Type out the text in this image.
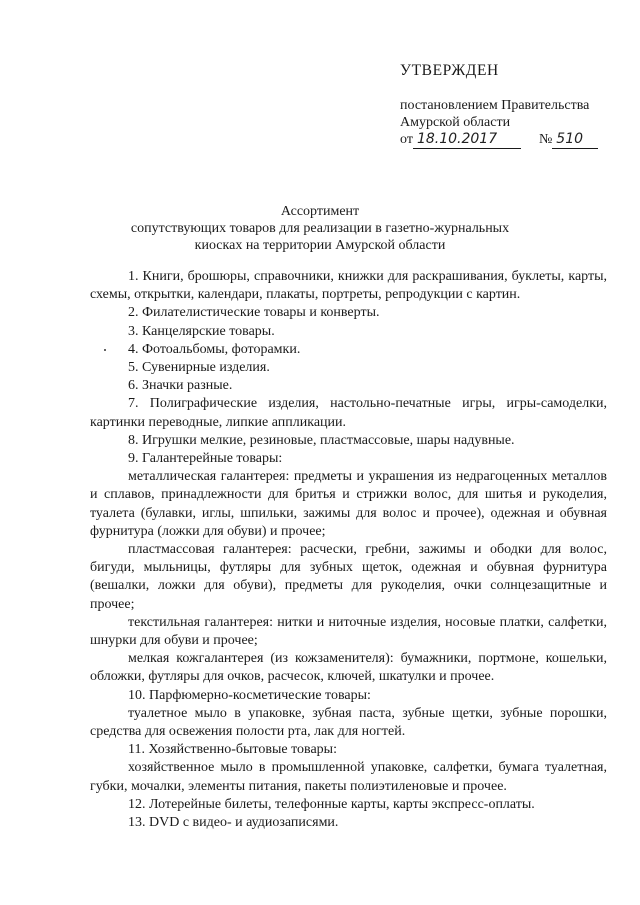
УТВЕРЖДЕН
постановлением Правительства
Амурской области
от 18.10.2017	№ 510
Ассортимент
сопутствующих товаров для реализации в газетно-журнальных
киосках на территории Амурской области

1. Книги, брошюры, справочники, книжки для раскрашивания, буклеты, карты, схемы, открытки, календари, плакаты, портреты, репродукции с картин.

2. Филателистические товары и конверты.

3. Канцелярские товары.

4. Фотоальбомы, фоторамки.

5. Сувенирные изделия.

6. Значки разные.

7. Полиграфические изделия, настольно-печатные игры, игры-самоделки, картинки переводные, липкие аппликации.

8. Игрушки мелкие, резиновые, пластмассовые, шары надувные.

9. Галантерейные товары:

металлическая галантерея: предметы и украшения из недрагоценных металлов и сплавов, принадлежности для бритья и стрижки волос, для шитья и рукоделия, туалета (булавки, иглы, шпильки, зажимы для волос и прочее), одежная и обувная фурнитура (ложки для обуви) и прочее;

пластмассовая галантерея: расчески, гребни, зажимы и ободки для волос, бигуди, мыльницы, футляры для зубных щеток, одежная и обувная фурнитура (вешалки, ложки для обуви), предметы для рукоделия, очки солнцезащитные и прочее;

текстильная галантерея: нитки и ниточные изделия, носовые платки, салфетки, шнурки для обуви и прочее;

мелкая кожгалантерея (из кожзаменителя): бумажники, портмоне, кошельки, обложки, футляры для очков, расчесок, ключей, шкатулки и прочее.

10. Парфюмерно-косметические товары:

туалетное мыло в упаковке, зубная паста, зубные щетки, зубные порошки, средства для освежения полости рта, лак для ногтей.

11. Хозяйственно-бытовые товары:

хозяйственное мыло в промышленной упаковке, салфетки, бумага туалетная, губки, мочалки, элементы питания, пакеты полиэтиленовые и прочее.

12. Лотерейные билеты, телефонные карты, карты экспресс-оплаты.

13. DVD с видео- и аудиозаписями.
